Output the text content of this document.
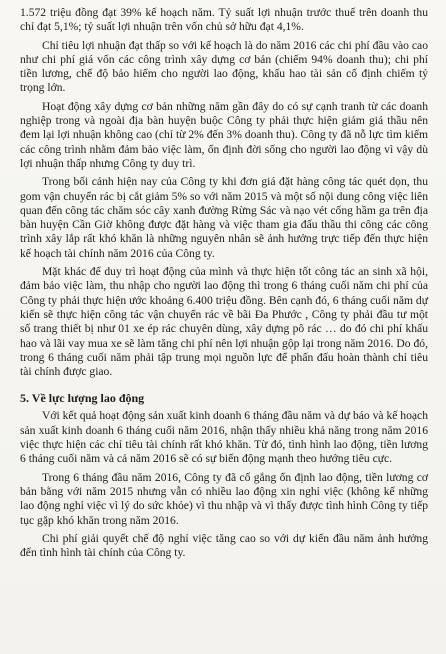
1.572 triệu đồng đạt 39% kế hoạch năm. Tỷ suất lợi nhuận trước thuế trên doanh thu chỉ đạt 5,1%; tỷ suất lợi nhuận trên vốn chủ sở hữu đạt 4,1%.

Chỉ tiêu lợi nhuận đạt thấp so với kế hoạch là do năm 2016 các chi phí đầu vào cao như chi phí giá vốn các công trình xây dựng cơ bản (chiếm 94% doanh thu); chi phí tiền lương, chế độ bảo hiểm cho người lao động, khấu hao tài sản cố định chiếm tỷ trọng lớn.

Hoạt động xây dựng cơ bản những năm gần đây do có sự cạnh tranh từ các doanh nghiệp trong và ngoài địa bàn huyện buộc Công ty phải thực hiện giảm giá thầu nên đem lại lợi nhuận không cao (chỉ từ 2% đến 3% doanh thu). Công ty đã nỗ lực tìm kiếm các công trình nhằm đảm bảo việc làm, ổn định đời sống cho người lao động vì vậy dù lợi nhuận thấp nhưng Công ty duy trì.

Trong bối cảnh hiện nay của Công ty khi đơn giá đặt hàng công tác quét dọn, thu gom vận chuyển rác bị cắt giảm 5% so với năm 2015 và một số nội dung công việc liên quan đến công tác chăm sóc cây xanh đường Rừng Sác và nạo vét cống hầm ga trên địa bàn huyện Cần Giờ không được đặt hàng và việc tham gia đấu thầu thi công các công trình xây lắp rất khó khăn là những nguyên nhân sẽ ảnh hưởng trực tiếp đến thực hiện kế hoạch tài chính năm 2016 của Công ty.

Mặt khác để duy trì hoạt động của mình và thực hiện tốt công tác an sinh xã hội, đảm bảo việc làm, thu nhập cho người lao động thì trong 6 tháng cuối năm chi phí của Công ty phải thực hiện ước khoảng 6.400 triệu đồng. Bên cạnh đó, 6 tháng cuối năm dự kiến sẽ thực hiện công tác vận chuyển rác về bãi Đa Phước , Công ty phải đầu tư một số trang thiết bị như 01 xe ép rác chuyên dùng, xây dựng pô rác … do đó chi phí khấu hao và lãi vay mua xe sẽ làm tăng chi phí nên lợi nhuận gộp lại trong năm 2016. Do đó, trong 6 tháng cuối năm phải tập trung mọi nguồn lực để phấn đấu hoàn thành chỉ tiêu tài chính được giao.

5. Về lực lượng lao động

Với kết quả hoạt động sản xuất kinh doanh 6 tháng đầu năm và dự báo và kế hoạch sản xuất kinh doanh 6 tháng cuối năm 2016, nhận thấy nhiều khả năng trong năm 2016 việc thực hiện các chỉ tiêu tài chính rất khó khăn. Từ đó, tình hình lao động, tiền lương 6 tháng cuối năm và cả năm 2016 sẽ có sự biến động mạnh theo hướng tiêu cực.

Trong 6 tháng đầu năm 2016, Công ty đã cố gắng ổn định lao động, tiền lương cơ bản bằng với năm 2015 nhưng vẫn có nhiều lao động xin nghỉ việc (không kể những lao động nghỉ việc vì lý do sức khỏe) vì thu nhập và vì thấy được tình hình Công ty tiếp tục gặp khó khăn trong năm 2016.

Chi phí giải quyết chế độ nghỉ việc tăng cao so với dự kiến đầu năm ảnh hưởng đến tình hình tài chính của Công ty.
